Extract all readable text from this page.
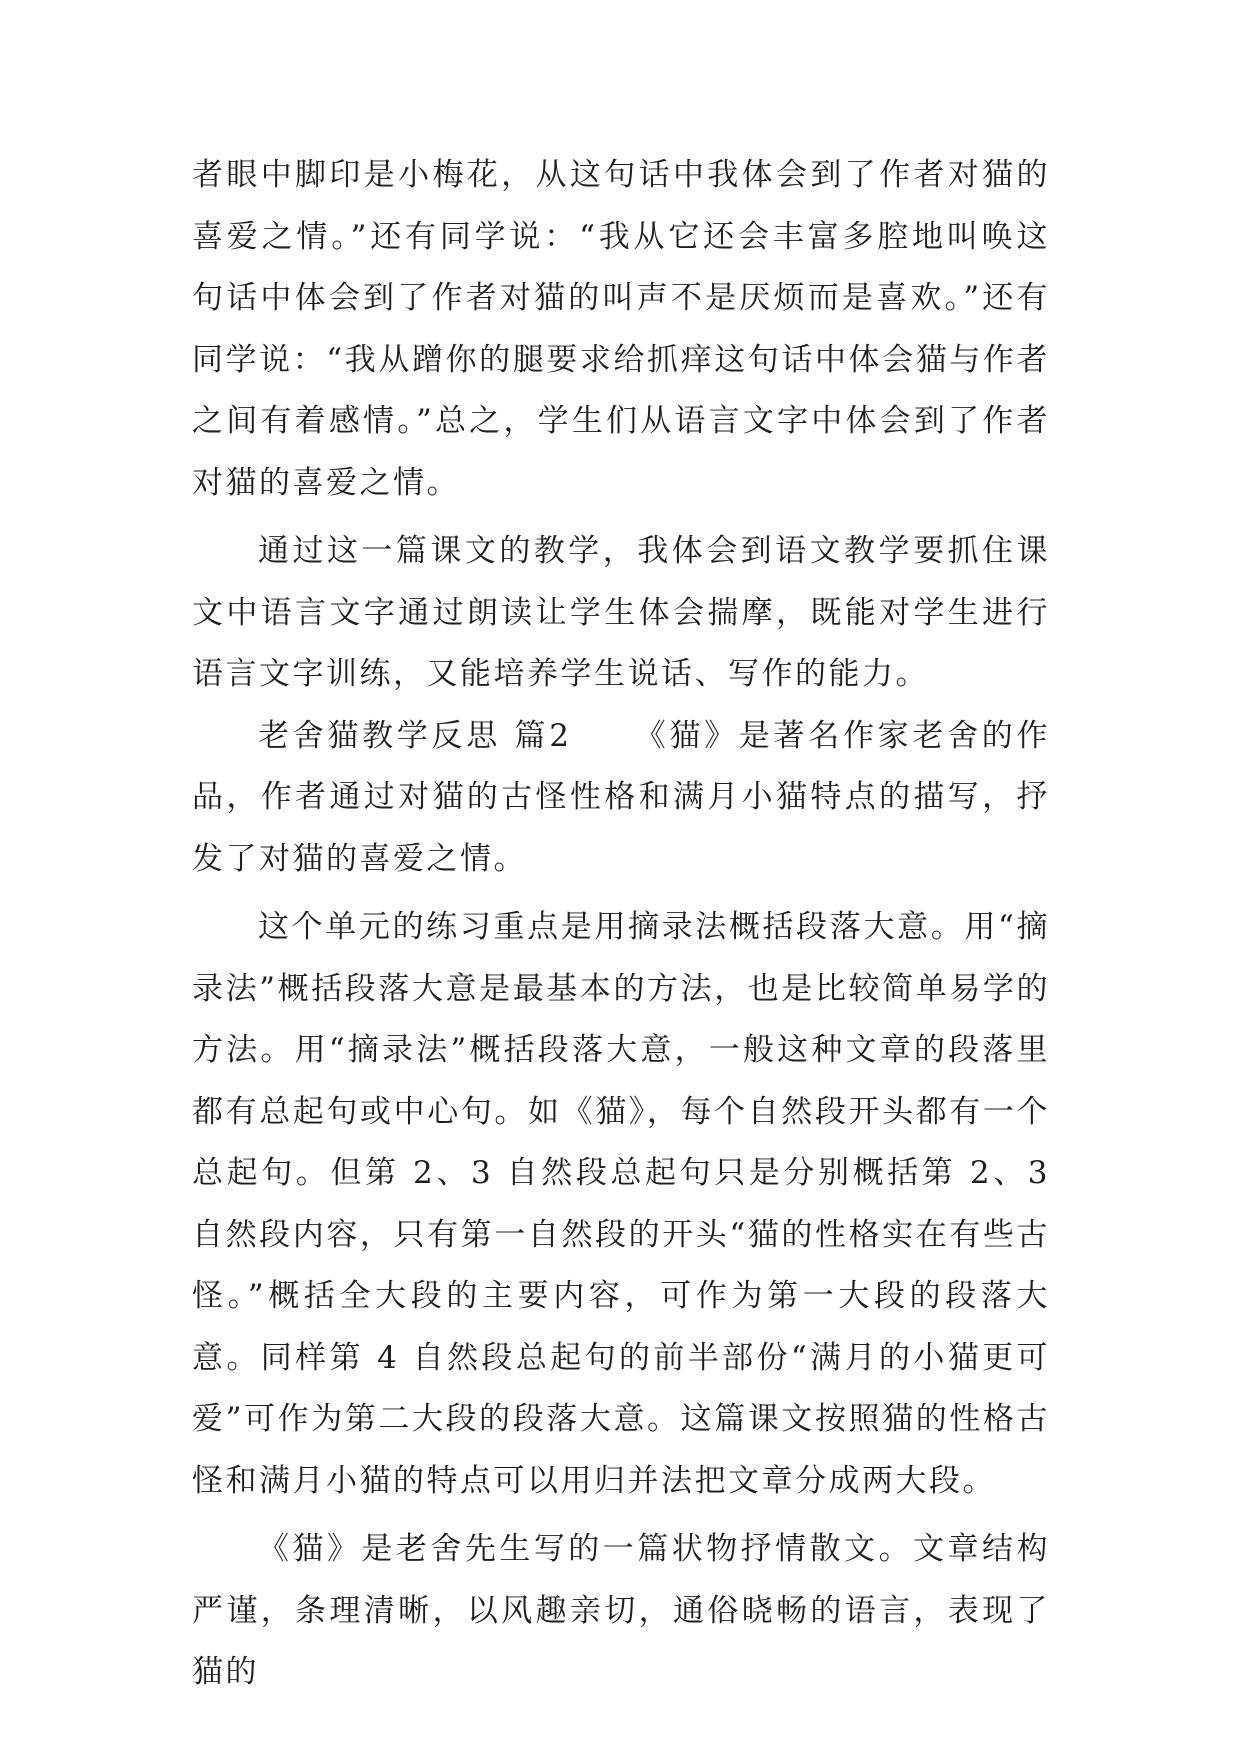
者眼中脚印是小梅花，从这句话中我体会到了作者对猫的喜爱之情。”还有同学说：“我从它还会丰富多腔地叫唤这句话中体会到了作者对猫的叫声不是厌烦而是喜欢。”还有同学说：“我从蹭你的腿要求给抓痒这句话中体会猫与作者之间有着感情。”总之，学生们从语言文字中体会到了作者对猫的喜爱之情。

通过这一篇课文的教学，我体会到语文教学要抓住课文中语言文字通过朗读让学生体会揣摩，既能对学生进行语言文字训练，又能培养学生说话、写作的能力。

老舍猫教学反思 篇2 《猫》是著名作家老舍的作品，作者通过对猫的古怪性格和满月小猫特点的描写，抒发了对猫的喜爱之情。

这个单元的练习重点是用摘录法概括段落大意。用“摘录法”概括段落大意是最基本的方法，也是比较简单易学的方法。用“摘录法”概括段落大意，一般这种文章的段落里都有总起句或中心句。如《猫》，每个自然段开头都有一个总起句。但第 2、3 自然段总起句只是分别概括第 2、3 自然段内容，只有第一自然段的开头“猫的性格实在有些古怪。”概括全大段的主要内容，可作为第一大段的段落大意。同样第 4 自然段总起句的前半部份“满月的小猫更可爱”可作为第二大段的段落大意。这篇课文按照猫的性格古怪和满月小猫的特点可以用归并法把文章分成两大段。

《猫》是老舍先生写的一篇状物抒情散文。文章结构严谨，条理清晰，以风趣亲切，通俗晓畅的语言，表现了猫的
